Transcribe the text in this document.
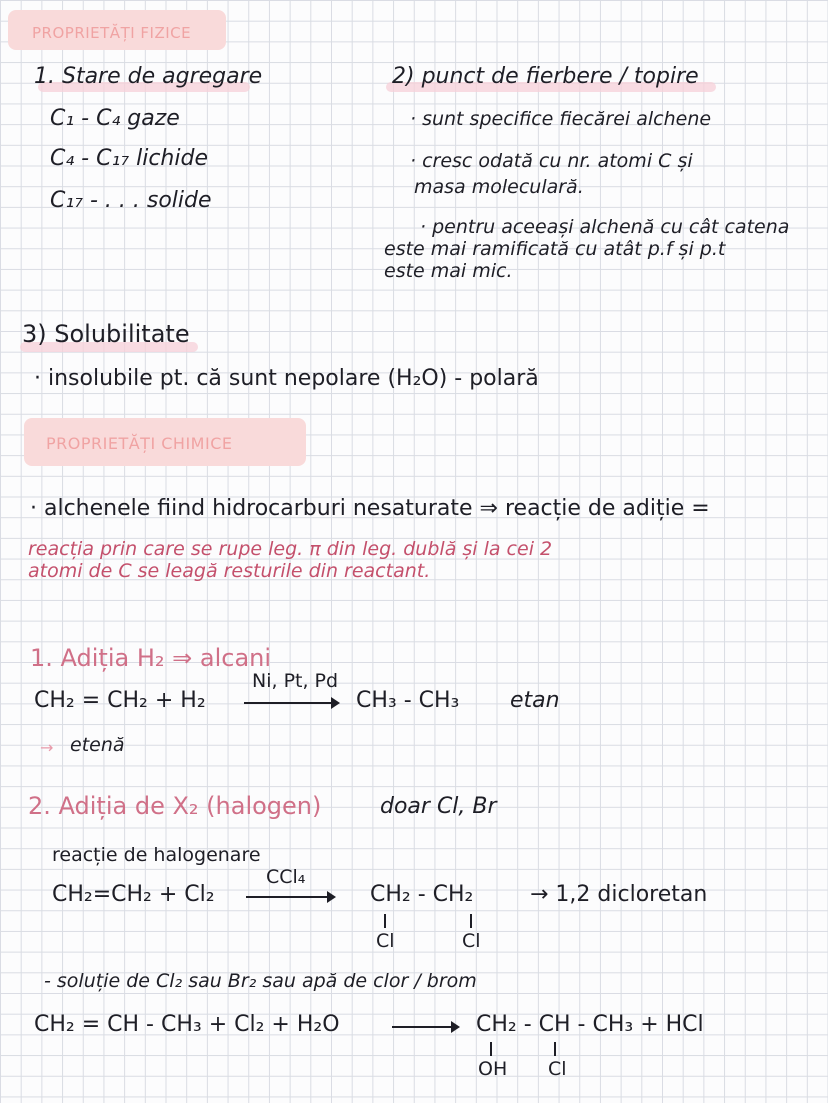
PROPRIETĂȚI FIZICE
1. Stare de agregare
C₁ - C₄ gaze
C₄ - C₁₇ lichide
C₁₇ - . . . solide
2) punct de fierbere / topire
· sunt specifice fiecărei alchene
· cresc odată cu nr. atomi C și
masa moleculară.
· pentru aceeași alchenă cu cât catena
este mai ramificată cu atât p.f și p.t
este mai mic.
3) Solubilitate
· insolubile pt. că sunt nepolare (H₂O) - polară
PROPRIETĂȚI CHIMICE
· alchenele fiind hidrocarburi nesaturate ⇒ reacție de adiție =
reacția prin care se rupe leg. π din leg. dublă și la cei 2
atomi de C se leagă resturile din reactant.
1. Adiția H₂ ⇒ alcani
CH₂ = CH₂ + H₂
Ni, Pt, Pd
CH₃ - CH₃ etan
→ etenă
2. Adiția de X₂ (halogen)	doar Cl, Br
reacție de halogenare
CH₂=CH₂ + Cl₂
CCl₄
CH₂ - CH₂
Cl	Cl
→ 1,2 dicloretan
- soluție de Cl₂ sau Br₂ sau apă de clor / brom
CH₂ = CH - CH₃ + Cl₂ + H₂O	CH₂ - CH - CH₃ + HCl
OH Cl
